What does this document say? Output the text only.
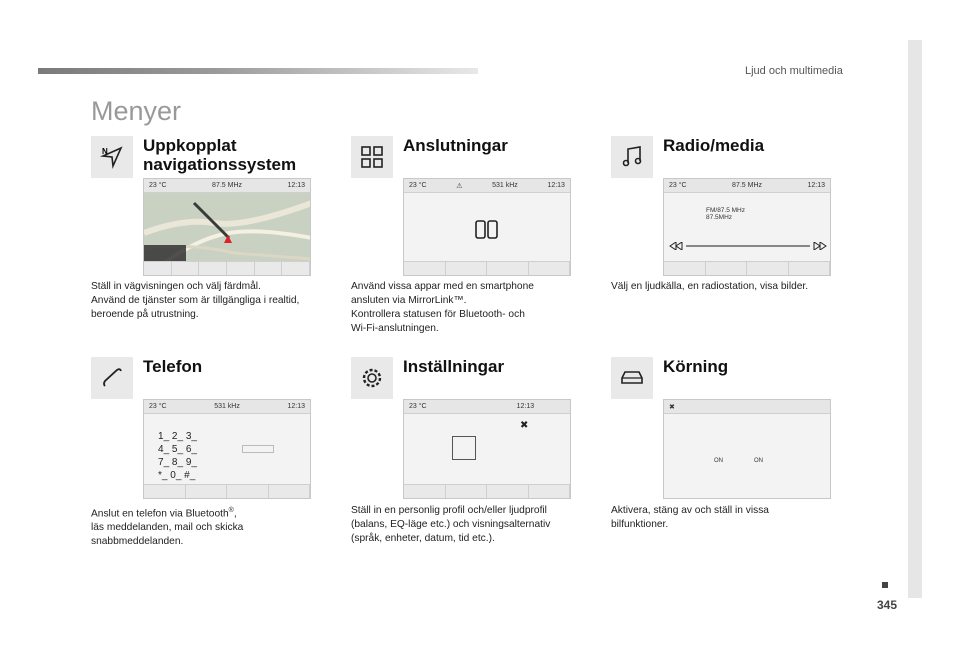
Ljud och multimedia
345
Menyer
N Uppkopplat
navigationssystem
23 °C	87.5 MHz	12:13
Ställ in vägvisningen och välj färdmål.
Använd de tjänster som är tillgängliga i realtid,
beroende på utrustning.
Anslutningar
23 °C	⚠	531 kHz	12:13
Använd vissa appar med en smartphone
ansluten via MirrorLink™.
Kontrollera statusen för Bluetooth- och
Wi-Fi-anslutningen.
Radio/media
23 °C	87.5 MHz	12:13
FM/87.5 MHz
87.5MHz
Välj en ljudkälla, en radiostation, visa bilder.
Telefon
23 °C	531 kHz	12:13
1_ 2_ 3_
4_ 5_ 6_
7_ 8_ 9_
*_ 0_ #_
Anslut en telefon via Bluetooth®,
läs meddelanden, mail och skicka
snabbmeddelanden.
Inställningar
23 °C	12:13
✖
Ställ in en personlig profil och/eller ljudprofil
(balans, EQ-läge etc.) och visningsalternativ
(språk, enheter, datum, tid etc.).
Körning
✖
ON	ON
Aktivera, stäng av och ställ in vissa
bilfunktioner.
